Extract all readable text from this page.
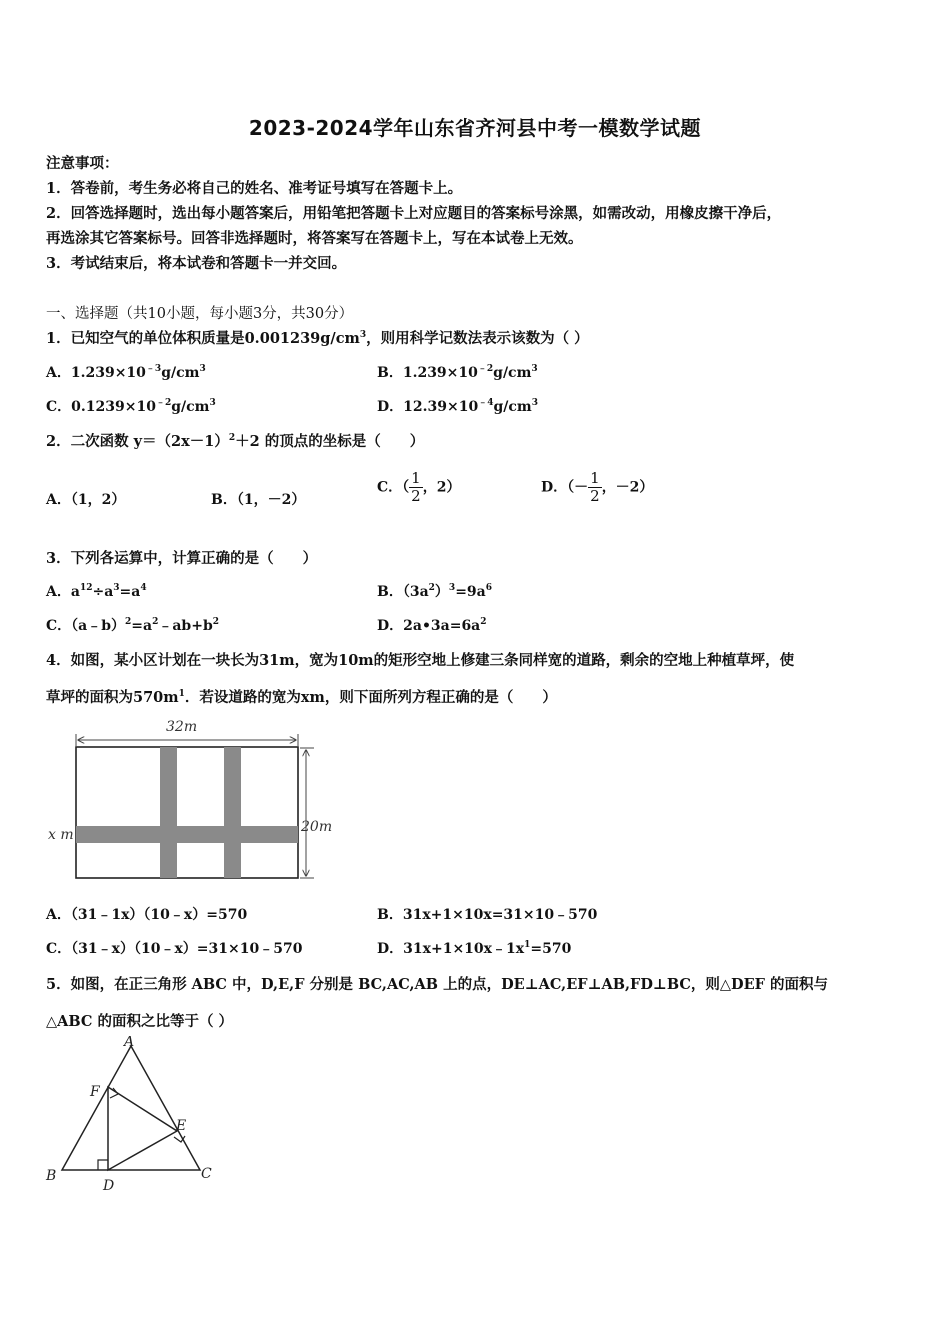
2023-2024学年山东省齐河县中考一模数学试题
注意事项：
1．答卷前，考生务必将自己的姓名、准考证号填写在答题卡上。
2．回答选择题时，选出每小题答案后，用铅笔把答题卡上对应题目的答案标号涂黑，如需改动，用橡皮擦干净后，
再选涂其它答案标号。回答非选择题时，将答案写在答题卡上，写在本试卷上无效。
3．考试结束后，将本试卷和答题卡一并交回。
一、选择题（共10小题，每小题3分，共30分）
1．已知空气的单位体积质量是$0.001239g/cm^3$，则用科学记数法表示该数为（ ）
A．$1.239\times 10^{﹣3}g/cm^3$	B．$1.239\times 10^{﹣2}g/cm^3$
C．$0.1239\times 10^{﹣2}g/cm^3$	D．$12.39\times 10^{﹣4}g/cm^3$
2．二次函数 $y=(2x-1)^2+2$ 的顶点的坐标是（　　）
A．（1，2）	B．（1，－2）
C．（ $\frac{1}{2}$ ，2）	D．（－ $\frac{1}{2}$ ，－2）
3．下列各运算中，计算正确的是（　　）
A．$a^{12}\div a^3=a^4$	B．$(3a^2)^3=9a^6$
C．$(a﹣b)^2=a^2﹣ab+b^2$	D．$2a•3a=6a^2$
4．如图，某小区计划在一块长为31m，宽为10m的矩形空地上修建三条同样宽的道路，剩余的空地上种植草坪，使
草坪的面积为$570m^1$．若设道路的宽为xm，则下面所列方程正确的是（　　）
32m
20m
x m
A．（31﹣1x）（10﹣x）=570	B．31x+1×10x=31×10﹣570
C．（31﹣x）（10﹣x）=31×10﹣570	D．$31x+1\times 10x﹣1x^1=570$
5．如图，在正三角形 ABC 中，D,E,F 分别是 BC,AC,AB 上的点，DE⊥AC,EF⊥AB,FD⊥BC，则△DEF 的面积与
△ABC 的面积之比等于（ ）
A
B	C
D
E
F
